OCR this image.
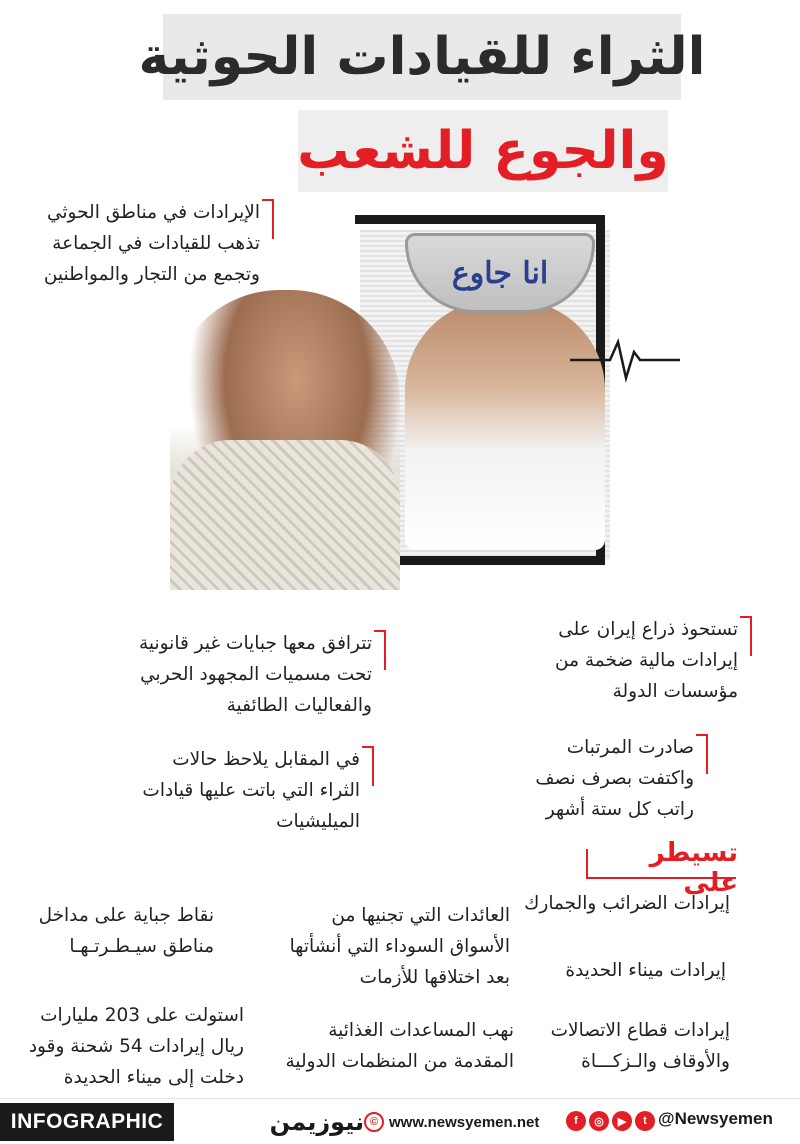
الثراء للقيادات الحوثية
والجوع للشعب
انا جاوع
الإيرادات في مناطق الحوثي
تذهب للقيادات في الجماعة
وتجمع من التجار والمواطنين
تترافق معها جبايات غير قانونية
تحت مسميات المجهود الحربي
والفعاليات الطائفية
تستحوذ ذراع إيران على
إيرادات مالية ضخمة من
مؤسسات الدولة
في المقابل يلاحظ حالات
الثراء التي باتت عليها قيادات
الميليشيات
صادرت المرتبات
واكتفت بصرف نصف
راتب كل ستة أشهر
تسيطر على
إيرادات الضرائب والجمارك
العائدات التي تجنيها من
الأسواق السوداء التي أنشأتها
بعد اختلاقها للأزمات
نقاط جباية على مداخل
مناطق سيـطـرتـهـا
إيرادات ميناء الحديدة
إيرادات قطاع الاتصالات
والأوقاف والـزكـــاة
نهب المساعدات الغذائية
المقدمة من المنظمات الدولية
استولت على 203 مليارات
ريال إيرادات 54 شحنة وقود
دخلت إلى ميناء الحديدة
INFOGRAPHIC	نيوزيمن © www.newsyemen.net	f	◎	▶	t @Newsyemen
